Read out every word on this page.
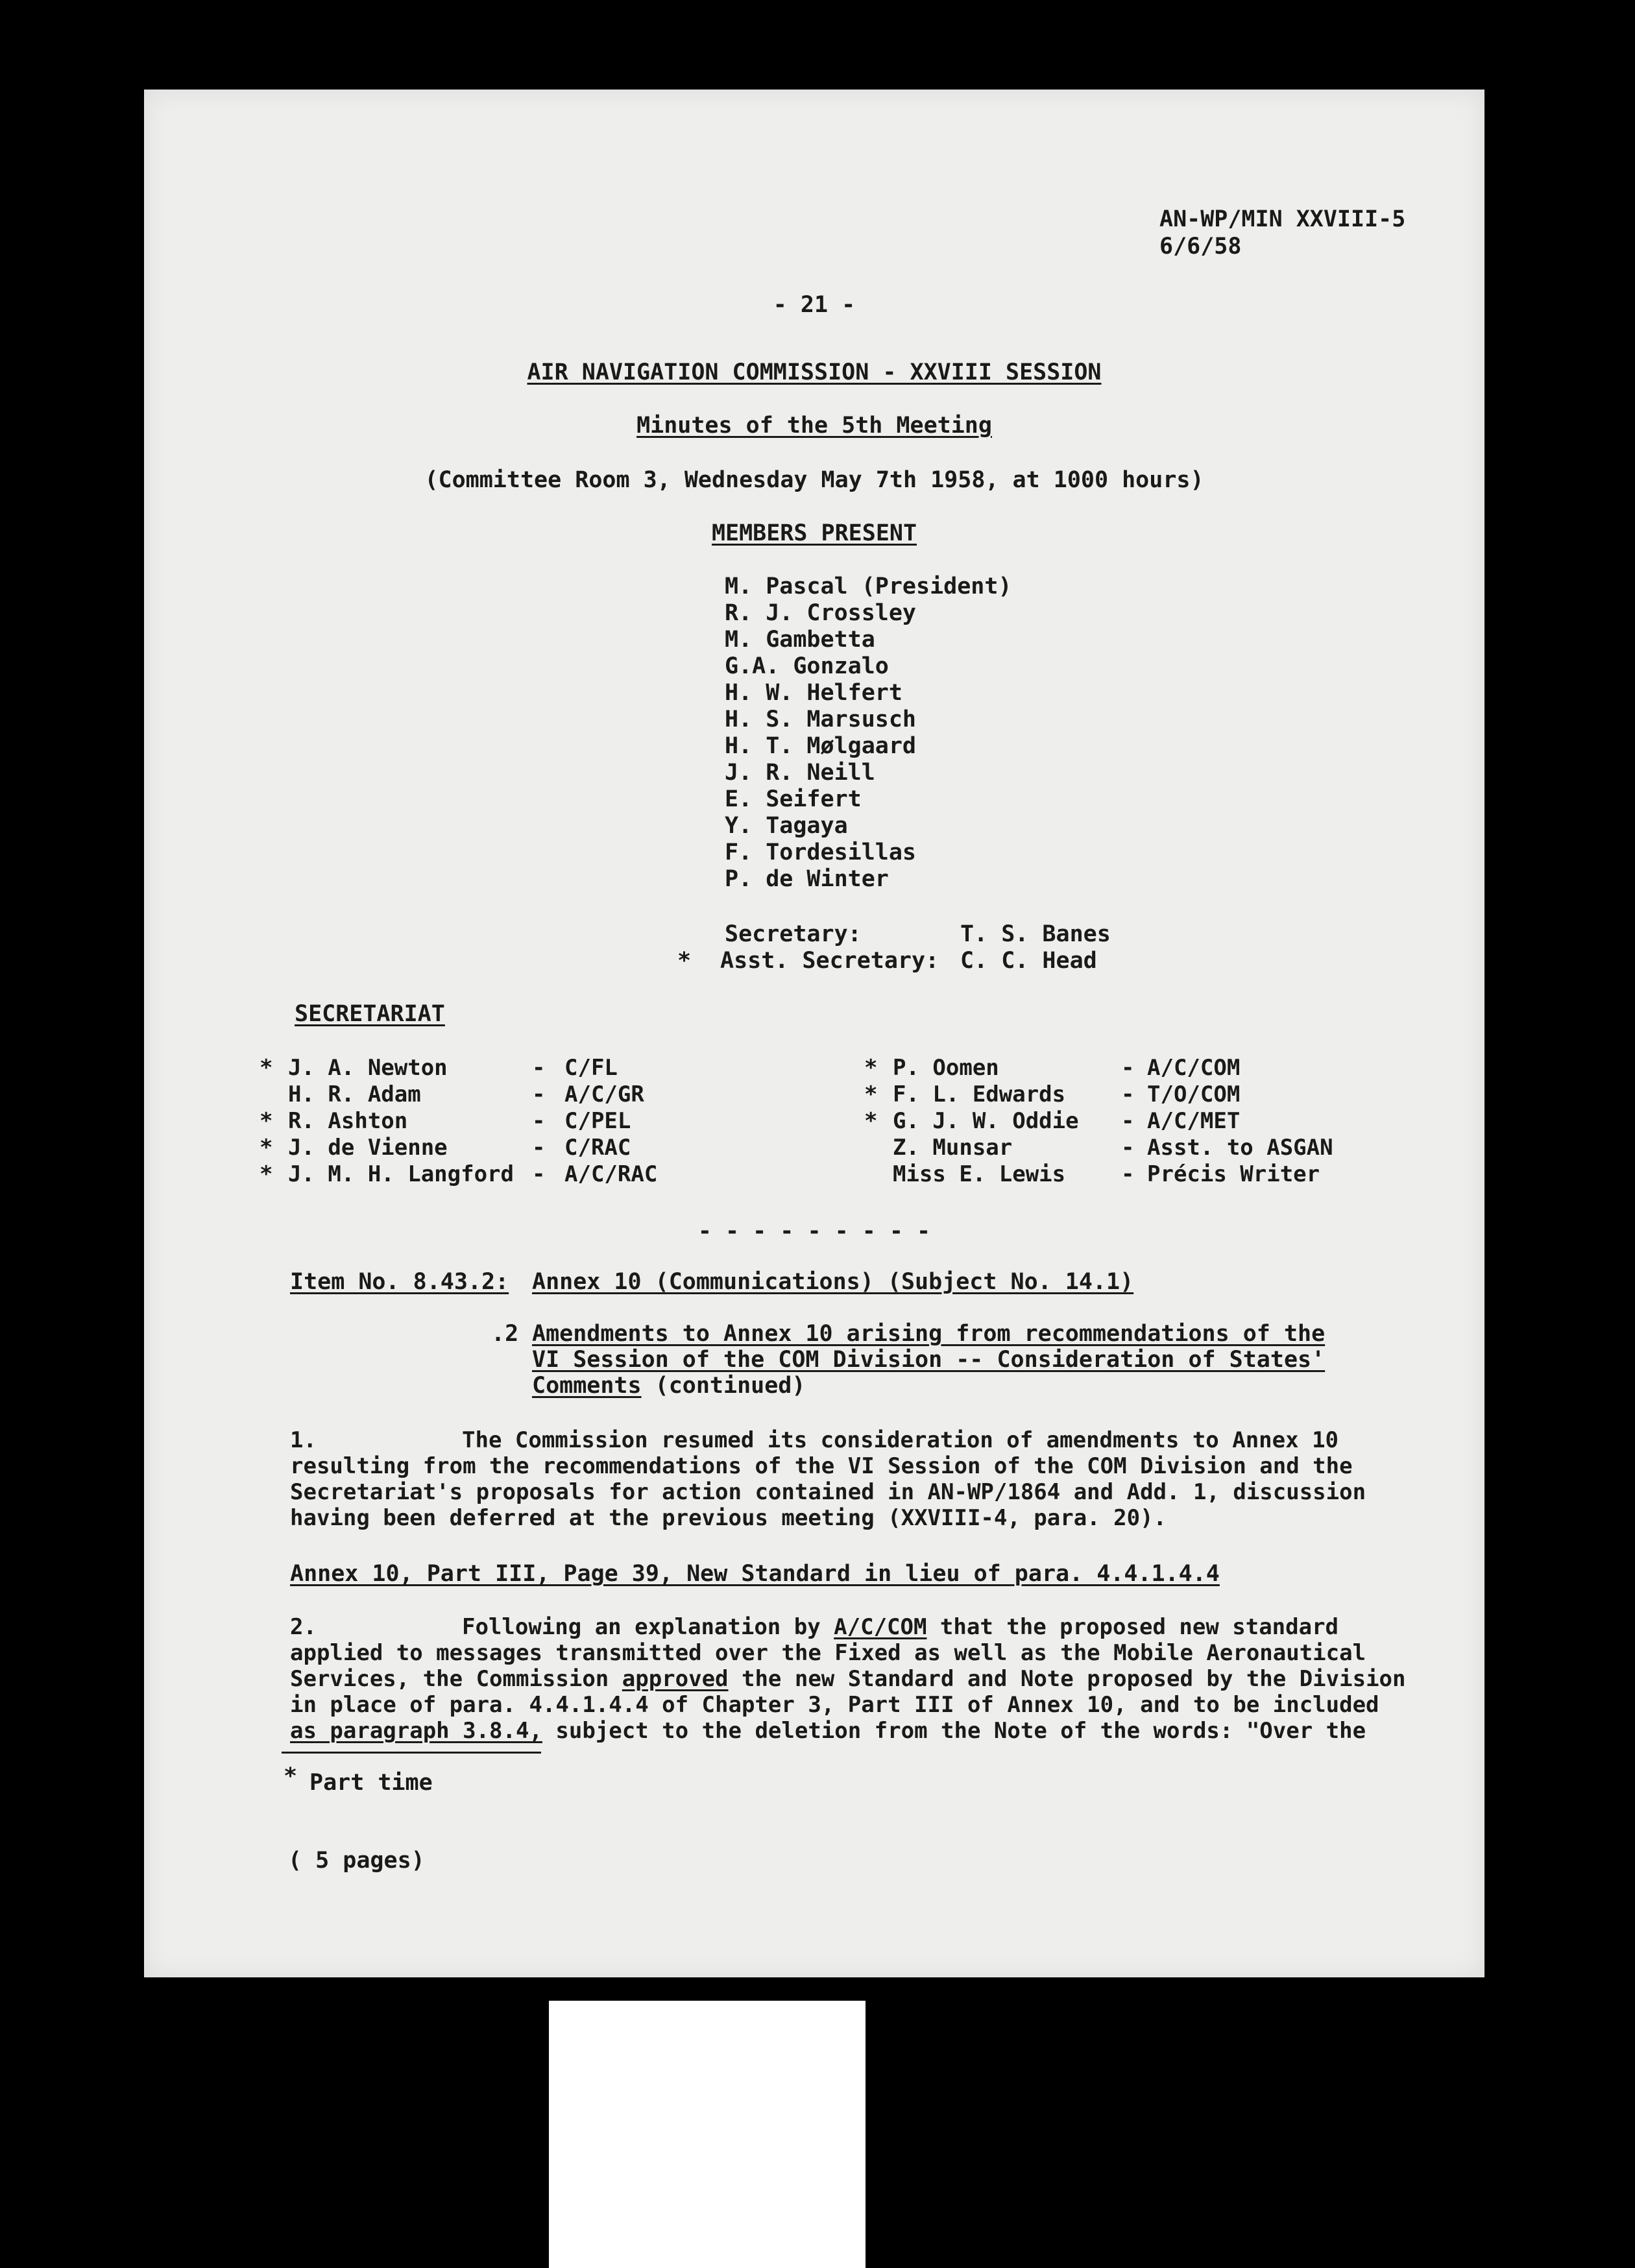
AN-WP/MIN XXVIII-5
6/6/58
- 21 -
AIR NAVIGATION COMMISSION - XXVIII SESSION
Minutes of the 5th Meeting
(Committee Room 3, Wednesday May 7th 1958, at 1000 hours)
MEMBERS PRESENT
M. Pascal (President)
R. J. Crossley
M. Gambetta
G.A. Gonzalo
H. W. Helfert
H. S. Marsusch
H. T. Mølgaard
J. R. Neill
E. Seifert
Y. Tagaya
F. Tordesillas
P. de Winter
Secretary:	T. S. Banes
* Asst. Secretary: C. C. Head
SECRETARIAT
* J. A. Newton	- C/FL
H. R. Adam	- A/C/GR
* R. Ashton	- C/PEL
* J. de Vienne	- C/RAC
* J. M. H. Langford - A/C/RAC
* P. Oomen	- A/C/COM
* F. L. Edwards	- T/O/COM
* G. J. W. Oddie - A/C/MET
Z. Munsar	- Asst. to ASGAN
Miss E. Lewis	- Précis Writer
- - - - - - - - -
Item No. 8.43.2: Annex 10 (Communications) (Subject No. 14.1)
.2 Amendments to Annex 10 arising from recommendations of the
VI Session of the COM Division -- Consideration of States'
Comments (continued)
1.	The Commission resumed its consideration of amendments to Annex 10
resulting from the recommendations of the VI Session of the COM Division and the
Secretariat's proposals for action contained in AN-WP/1864 and Add. 1, discussion
having been deferred at the previous meeting (XXVIII-4, para. 20).
Annex 10, Part III, Page 39, New Standard in lieu of para. 4.4.1.4.4
2.	Following an explanation by A/C/COM that the proposed new standard
applied to messages transmitted over the Fixed as well as the Mobile Aeronautical
Services, the Commission approved the new Standard and Note proposed by the Division
in place of para. 4.4.1.4.4 of Chapter 3, Part III of Annex 10, and to be included
as paragraph 3.8.4, subject to the deletion from the Note of the words: "Over the
* Part time
( 5 pages)
